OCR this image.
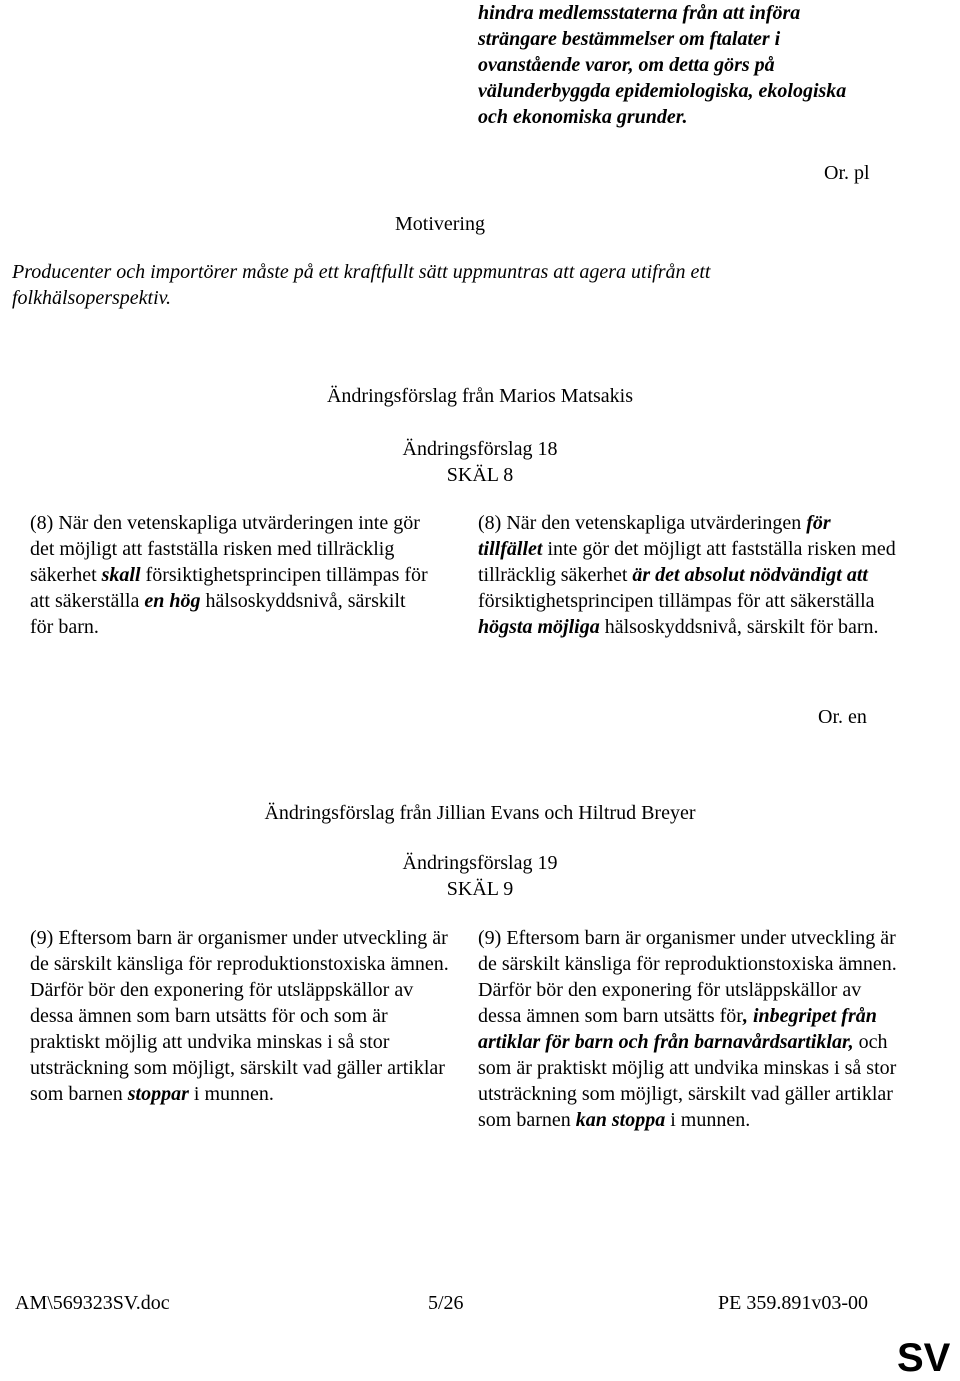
hindra medlemsstaterna från att införa strängare bestämmelser om ftalater i ovanstående varor, om detta görs på välunderbyggda epidemiologiska, ekologiska och ekonomiska grunder.
Or. pl
Motivering
Producenter och importörer måste på ett kraftfullt sätt uppmuntras att agera utifrån ett folkhälsoperspektiv.
Ändringsförslag från Marios Matsakis
Ändringsförslag 18
SKÄL 8
(8) När den vetenskapliga utvärderingen inte gör det möjligt att fastställa risken med tillräcklig säkerhet skall försiktighetsprincipen tillämpas för att säkerställa en hög hälsoskyddsnivå, särskilt för barn.
(8) När den vetenskapliga utvärderingen för tillfället inte gör det möjligt att fastställa risken med tillräcklig säkerhet är det absolut nödvändigt att försiktighetsprincipen tillämpas för att säkerställa högsta möjliga hälsoskyddsnivå, särskilt för barn.
Or. en
Ändringsförslag från Jillian Evans och Hiltrud Breyer
Ändringsförslag 19
SKÄL 9
(9) Eftersom barn är organismer under utveckling är de särskilt känsliga för reproduktionstoxiska ämnen. Därför bör den exponering för utsläppskällor av dessa ämnen som barn utsätts för och som är praktiskt möjlig att undvika minskas i så stor utsträckning som möjligt, särskilt vad gäller artiklar som barnen stoppar i munnen.
(9) Eftersom barn är organismer under utveckling är de särskilt känsliga för reproduktionstoxiska ämnen. Därför bör den exponering för utsläppskällor av dessa ämnen som barn utsätts för, inbegripet från artiklar för barn och från barnavårdsartiklar, och som är praktiskt möjlig att undvika minskas i så stor utsträckning som möjligt, särskilt vad gäller artiklar som barnen kan stoppa i munnen.
AM\569323SV.doc	5/26	PE 359.891v03-00
SV
